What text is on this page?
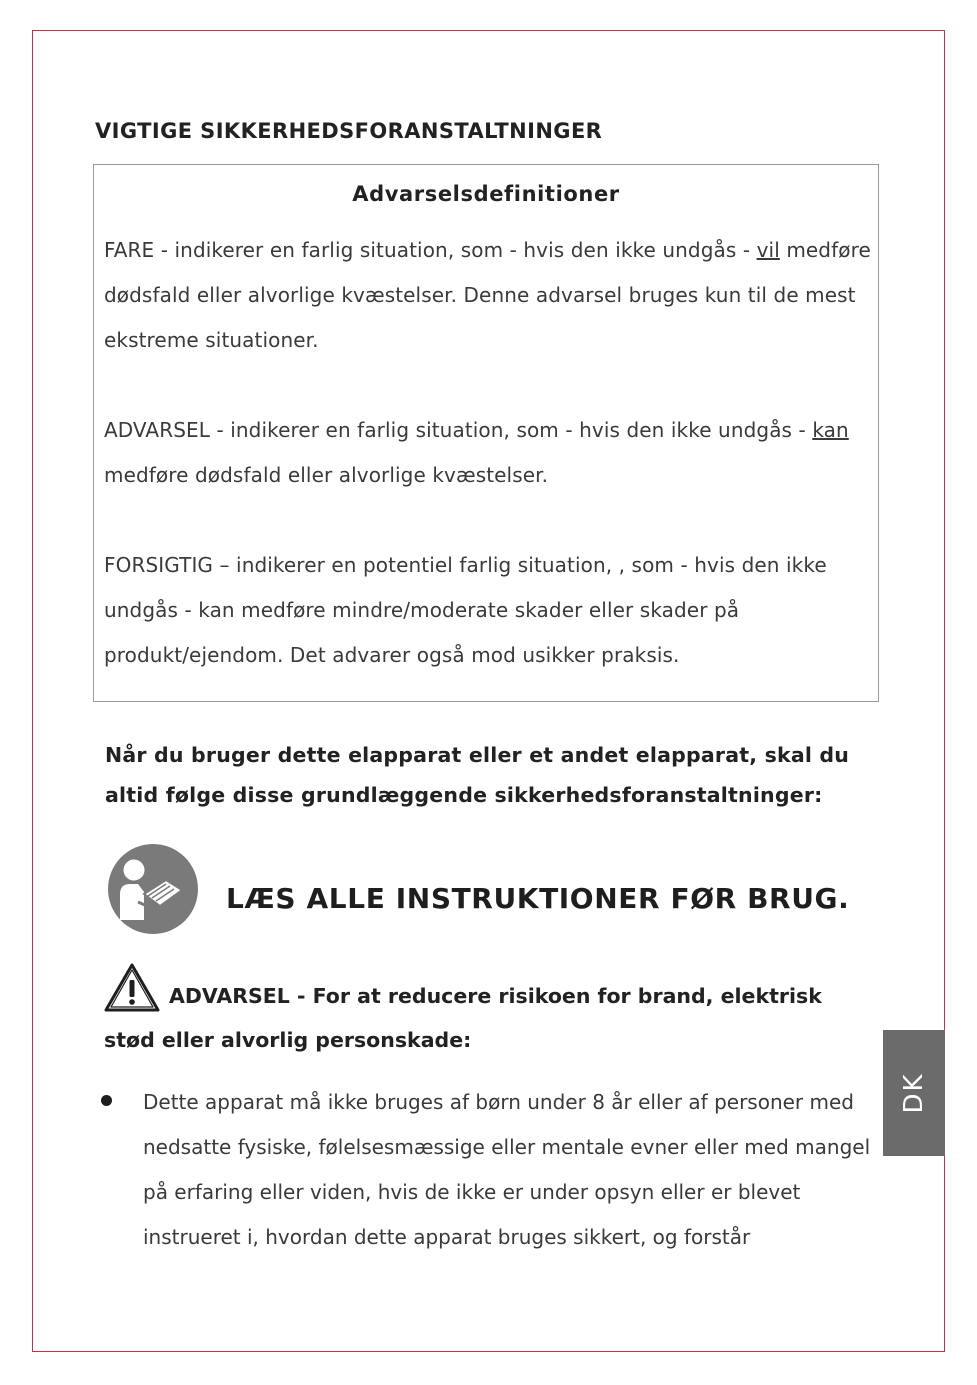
VIGTIGE SIKKERHEDSFORANSTALTNINGER
Advarselsdefinitioner
FARE - indikerer en farlig situation, som - hvis den ikke undgås - vil medføre dødsfald eller alvorlige kvæstelser. Denne advarsel bruges kun til de mest ekstreme situationer.
ADVARSEL - indikerer en farlig situation, som - hvis den ikke undgås - kan medføre dødsfald eller alvorlige kvæstelser.
FORSIGTIG – indikerer en potentiel farlig situation, , som - hvis den ikke undgås - kan medføre mindre/moderate skader eller skader på produkt/ejendom. Det advarer også mod usikker praksis.
Når du bruger dette elapparat eller et andet elapparat, skal du altid følge disse grundlæggende sikkerhedsforanstaltninger:
LÆS ALLE INSTRUKTIONER FØR BRUG.
ADVARSEL - For at reducere risikoen for brand, elektrisk
stød eller alvorlig personskade:
Dette apparat må ikke bruges af børn under 8 år eller af personer med nedsatte fysiske, følelsesmæssige eller mentale evner eller med mangel på erfaring eller viden, hvis de ikke er under opsyn eller er blevet instrueret i, hvordan dette apparat bruges sikkert, og forstår
DK
